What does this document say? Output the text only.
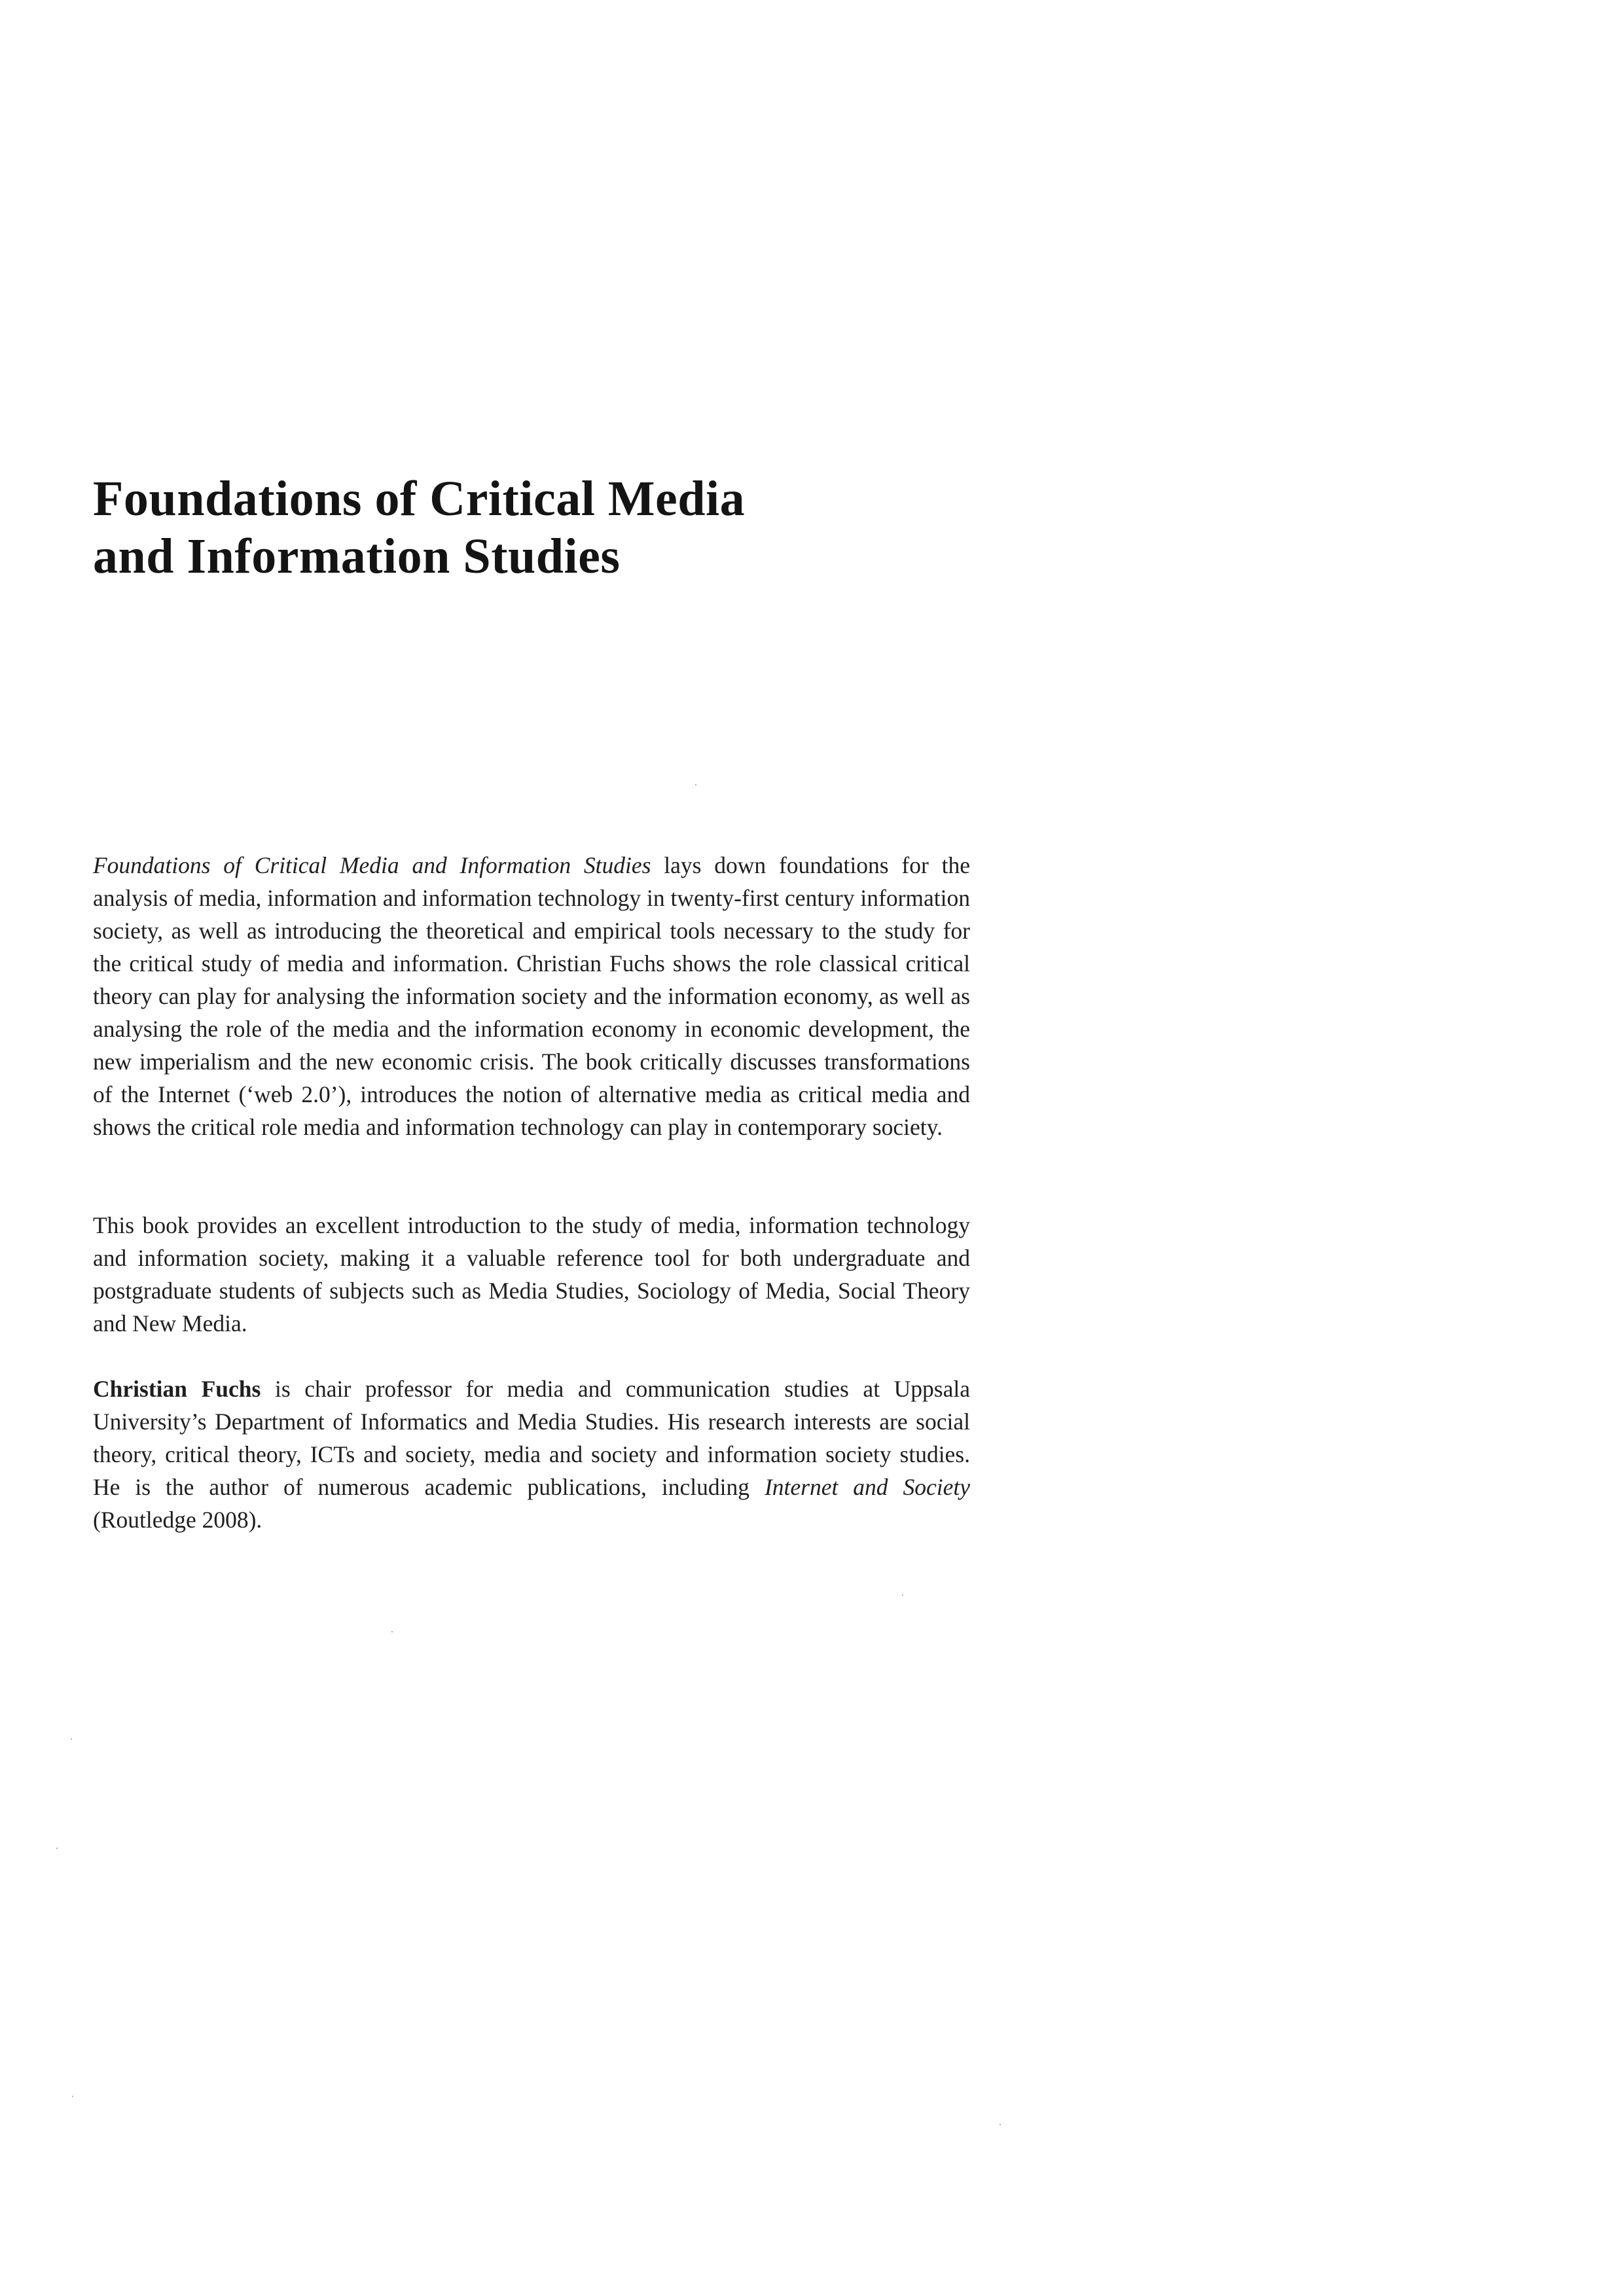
Foundations of Critical Media
and Information Studies

Foundations of Critical Media and Information Studies lays down foundations for the analysis of media, information and information technology in twenty-first century information society, as well as introducing the theoretical and empirical tools necessary to the study for the critical study of media and information. Christian Fuchs shows the role classical critical theory can play for analysing the information society and the information economy, as well as analysing the role of the media and the information economy in economic development, the new imperialism and the new economic crisis. The book critically discusses transformations of the Internet (‘web 2.0’), introduces the notion of alternative media as critical media and shows the critical role media and information technology can play in contemporary society.

This book provides an excellent introduction to the study of media, information technology and information society, making it a valuable reference tool for both undergraduate and postgraduate students of subjects such as Media Studies, Sociology of Media, Social Theory and New Media.

Christian Fuchs is chair professor for media and communication studies at Uppsala University’s Department of Informatics and Media Studies. His research interests are social theory, critical theory, ICTs and society, media and society and information society studies. He is the author of numerous academic publications, including Internet and Society (Routledge 2008).
